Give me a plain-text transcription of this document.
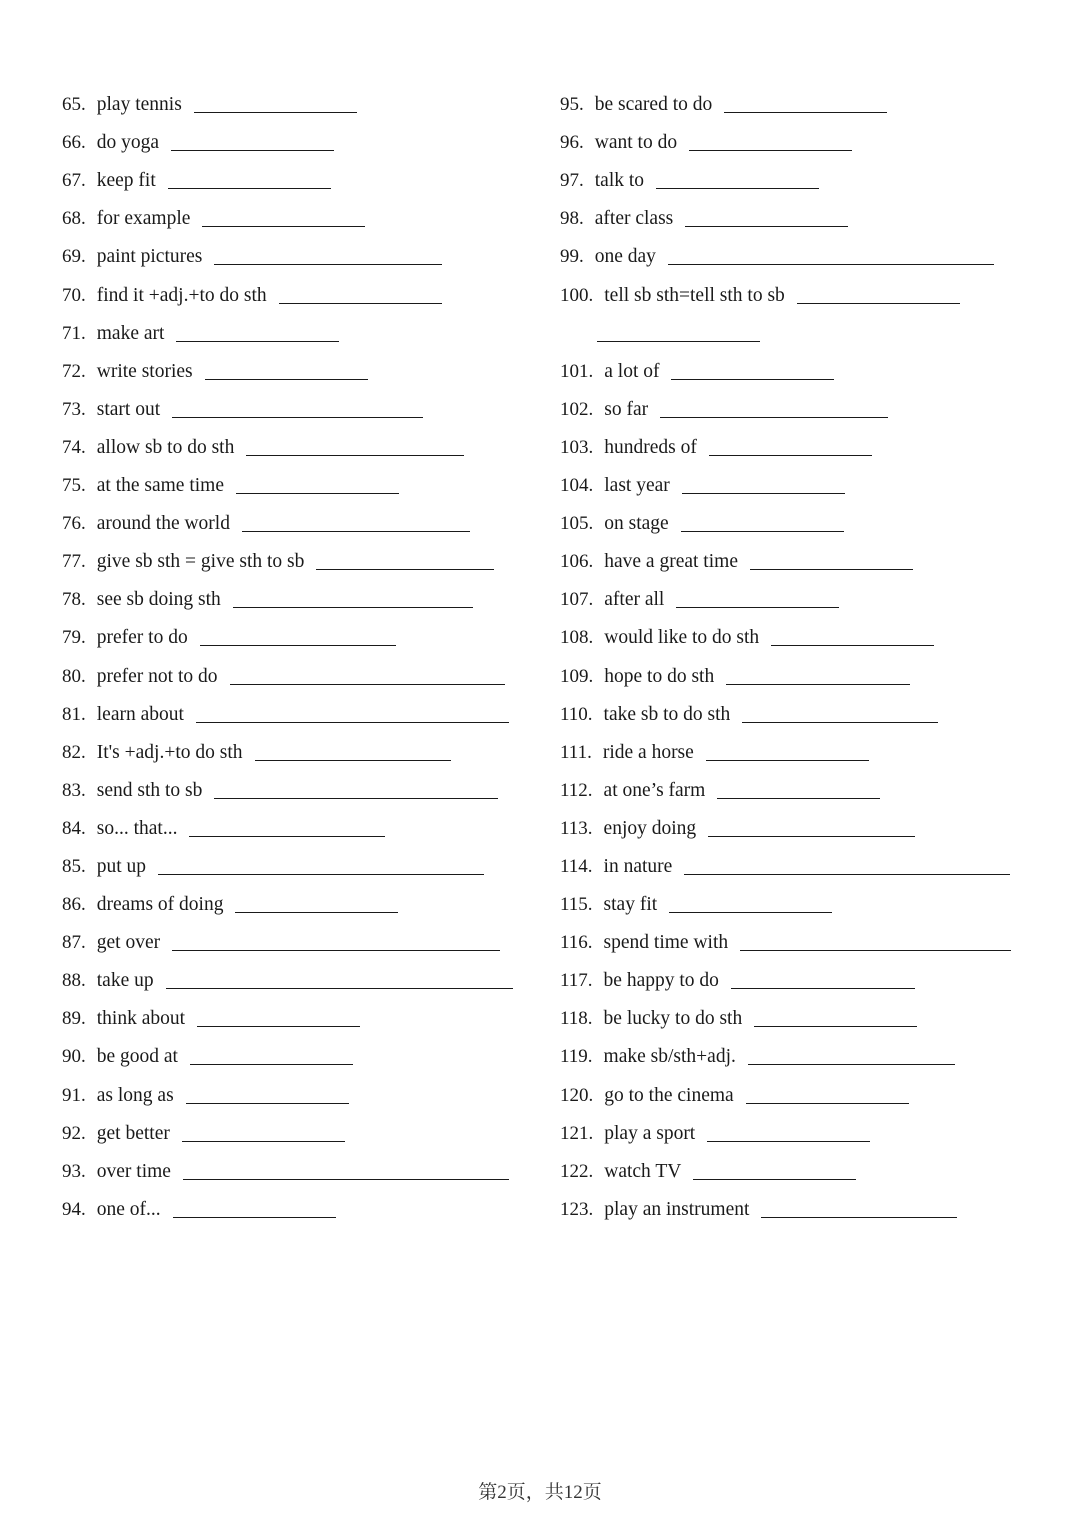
65. play tennis
66. do yoga
67. keep fit
68. for example
69. paint pictures
70. find it +adj.+to do sth
71. make art
72. write stories
73. start out
74. allow sb to do sth
75. at the same time
76. around the world
77. give sb sth = give sth to sb
78. see sb doing sth
79. prefer to do
80. prefer not to do
81. learn about
82. It's +adj.+to do sth
83. send sth to sb
84. so... that...
85. put up
86. dreams of doing
87. get over
88. take up
89. think about
90. be good at
91. as long as
92. get better
93. over time
94. one of...
95. be scared to do
96. want to do
97. talk to
98. after class
99. one day
100. tell sb sth=tell sth to sb
101. a lot of
102. so far
103. hundreds of
104. last year
105. on stage
106. have a great time
107. after all
108. would like to do sth
109. hope to do sth
110. take sb to do sth
111. ride a horse
112. at one’s farm
113. enjoy doing
114. in nature
115. stay fit
116. spend time with
117. be happy to do
118. be lucky to do sth
119. make sb/sth+adj.
120. go to the cinema
121. play a sport
122. watch TV
123. play an instrument
第2页，共12页
